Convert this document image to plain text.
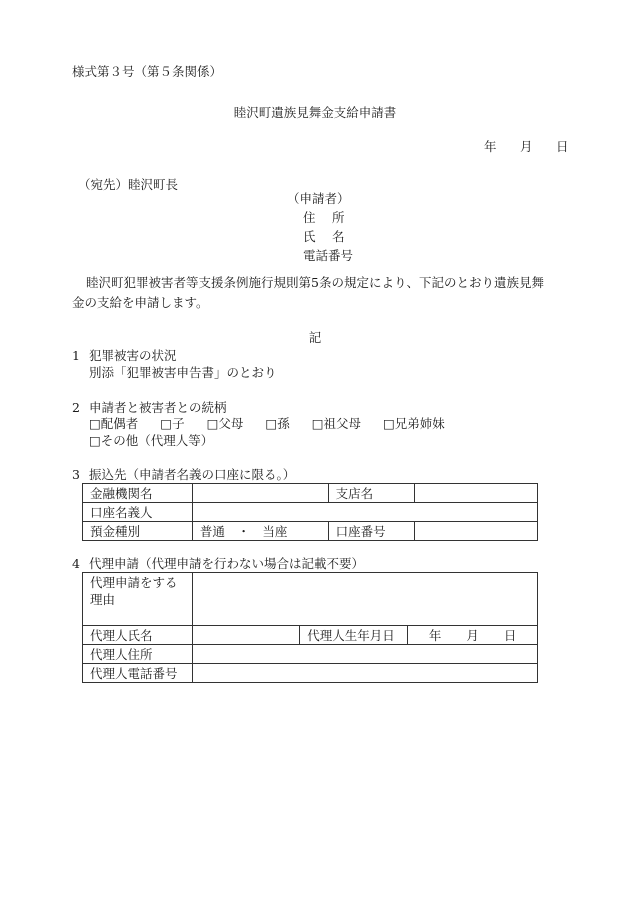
様式第３号（第５条関係）
睦沢町遺族見舞金支給申請書
年 月 日
（宛先）睦沢町長
（申請者）
住　 所
氏　 名
電話番号
睦沢町犯罪被害者等支援条例施行規則第5条の規定により、下記のとおり遺族見舞金の支給を申請します。
記
1 犯罪被害の状況
別添「犯罪被害申告書」のとおり
2 申請者と被害者との続柄
□配偶者 □子 □父母 □孫 □祖父母 □兄弟姉妹
□その他（代理人等）
3 振込先（申請者名義の口座に限る。）
金融機関名		支店名	
口座名義人			
預金種別	普通　・　当座	口座番号	
4 代理申請（代理申請を行わない場合は記載不要）
代理申請をする理由			
代理人氏名		代理人生年月日	年　　月　　日
代理人住所			
代理人電話番号			
